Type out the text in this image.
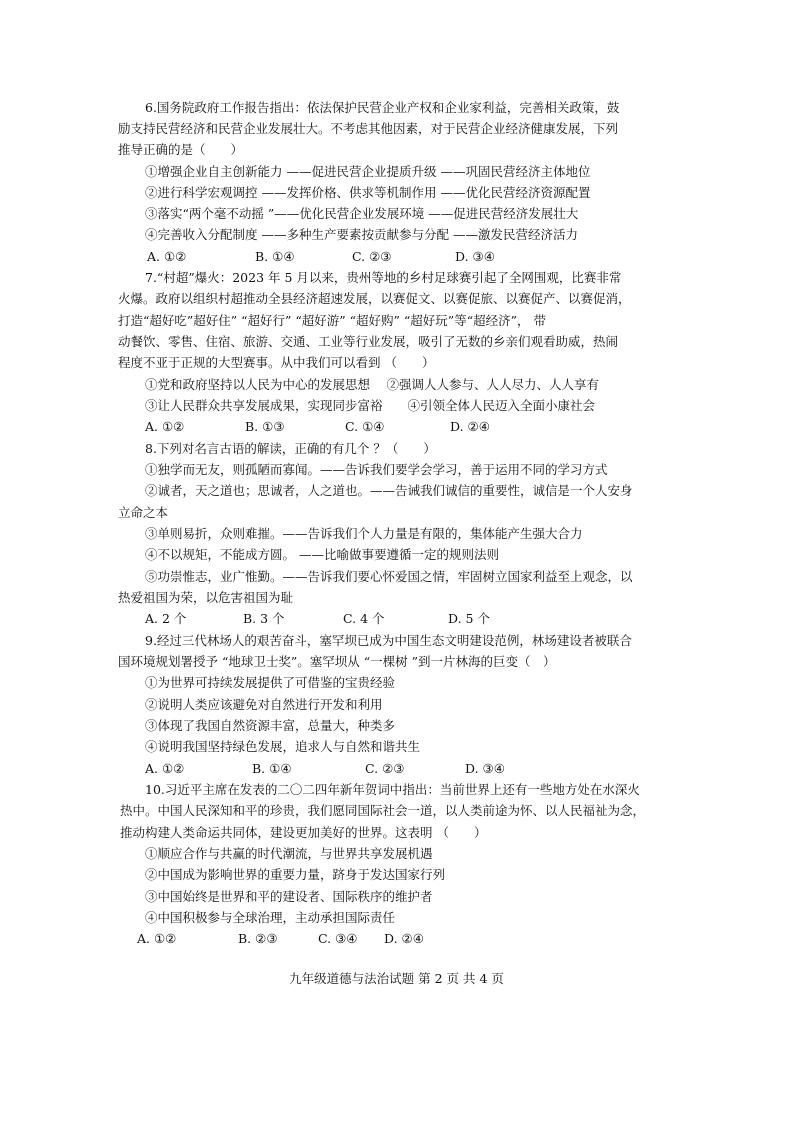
6.国务院政府工作报告指出：依法保护民营企业产权和企业家利益，完善相关政策，鼓
励支持民营经济和民营企业发展壮大。不考虑其他因素，对于民营企业经济健康发展，下列
推导正确的是（　　）
①增强企业自主创新能力 ——促进民营企业提质升级 ——巩固民营经济主体地位
②进行科学宏观调控 ——发挥价格、供求等机制作用 ——优化民营经济资源配置
③落实“两个毫不动摇 ”——优化民营企业发展环境 ——促进民营经济发展壮大
④完善收入分配制度 ——多种生产要素按贡献参与分配 ——激发民营经济活力
A. ①②	B. ①④	C. ②③	D. ③④
7.“村超”爆火：2023 年 5 月以来，贵州等地的乡村足球赛引起了全网围观，比赛非常
火爆。政府以组织村超推动全县经济超速发展，以赛促文、以赛促旅、以赛促产、以赛促消，
打造“超好吃”超好住” “超好行” “超好游” “超好购” “超好玩”等“超经济”， 带
动餐饮、零售、住宿、旅游、交通、工业等行业发展，吸引了无数的乡亲们观看助威，热闹
程度不亚于正规的大型赛事。从中我们可以看到 （　　）
①党和政府坚持以人民为中心的发展思想　 ②强调人人参与、人人尽力、人人享有
③让人民群众共享发展成果，实现同步富裕　　④引领全体人民迈入全面小康社会
A. ①②	B. ①③	C. ①④	D. ②④
8.下列对名言古语的解读，正确的有几个 ？（　　）
①独学而无友，则孤陋而寡闻。——告诉我们要学会学习，善于运用不同的学习方式
②诚者，天之道也；思诚者，人之道也。——告诫我们诚信的重要性，诚信是一个人安身
立命之本
③单则易折，众则难摧。——告诉我们个人力量是有限的，集体能产生强大合力
④不以规矩，不能成方圆。 ——比喻做事要遵循一定的规则法则
⑤功崇惟志，业广惟勤。——告诉我们要心怀爱国之情，牢固树立国家利益至上观念，以
热爱祖国为荣，以危害祖国为耻
A. 2 个	B. 3 个	C. 4 个	D. 5 个
9.经过三代林场人的艰苦奋斗，塞罕坝已成为中国生态文明建设范例，林场建设者被联合
国环境规划署授予 “地球卫士奖”。塞罕坝从 “一棵树 ”到一片林海的巨变（　）
①为世界可持续发展提供了可借鉴的宝贵经验
②说明人类应该避免对自然进行开发和利用
③体现了我国自然资源丰富，总量大，种类多
④说明我国坚持绿色发展，追求人与自然和谐共生
A. ①②	B. ①④	C. ②③	D. ③④
10.习近平主席在发表的二〇二四年新年贺词中指出：当前世界上还有一些地方处在水深火
热中。中国人民深知和平的珍贵，我们愿同国际社会一道，以人类前途为怀、以人民福祉为念，
推动构建人类命运共同体，建设更加美好的世界。这表明 （　　）
①顺应合作与共赢的时代潮流，与世界共享发展机遇
②中国成为影响世界的重要力量，跻身于发达国家行列
③中国始终是世界和平的建设者、国际秩序的维护者
④中国积极参与全球治理，主动承担国际责任
A. ①②	B. ②③	C. ③④ D. ②④
九年级道德与法治试题 第 2 页 共 4 页
